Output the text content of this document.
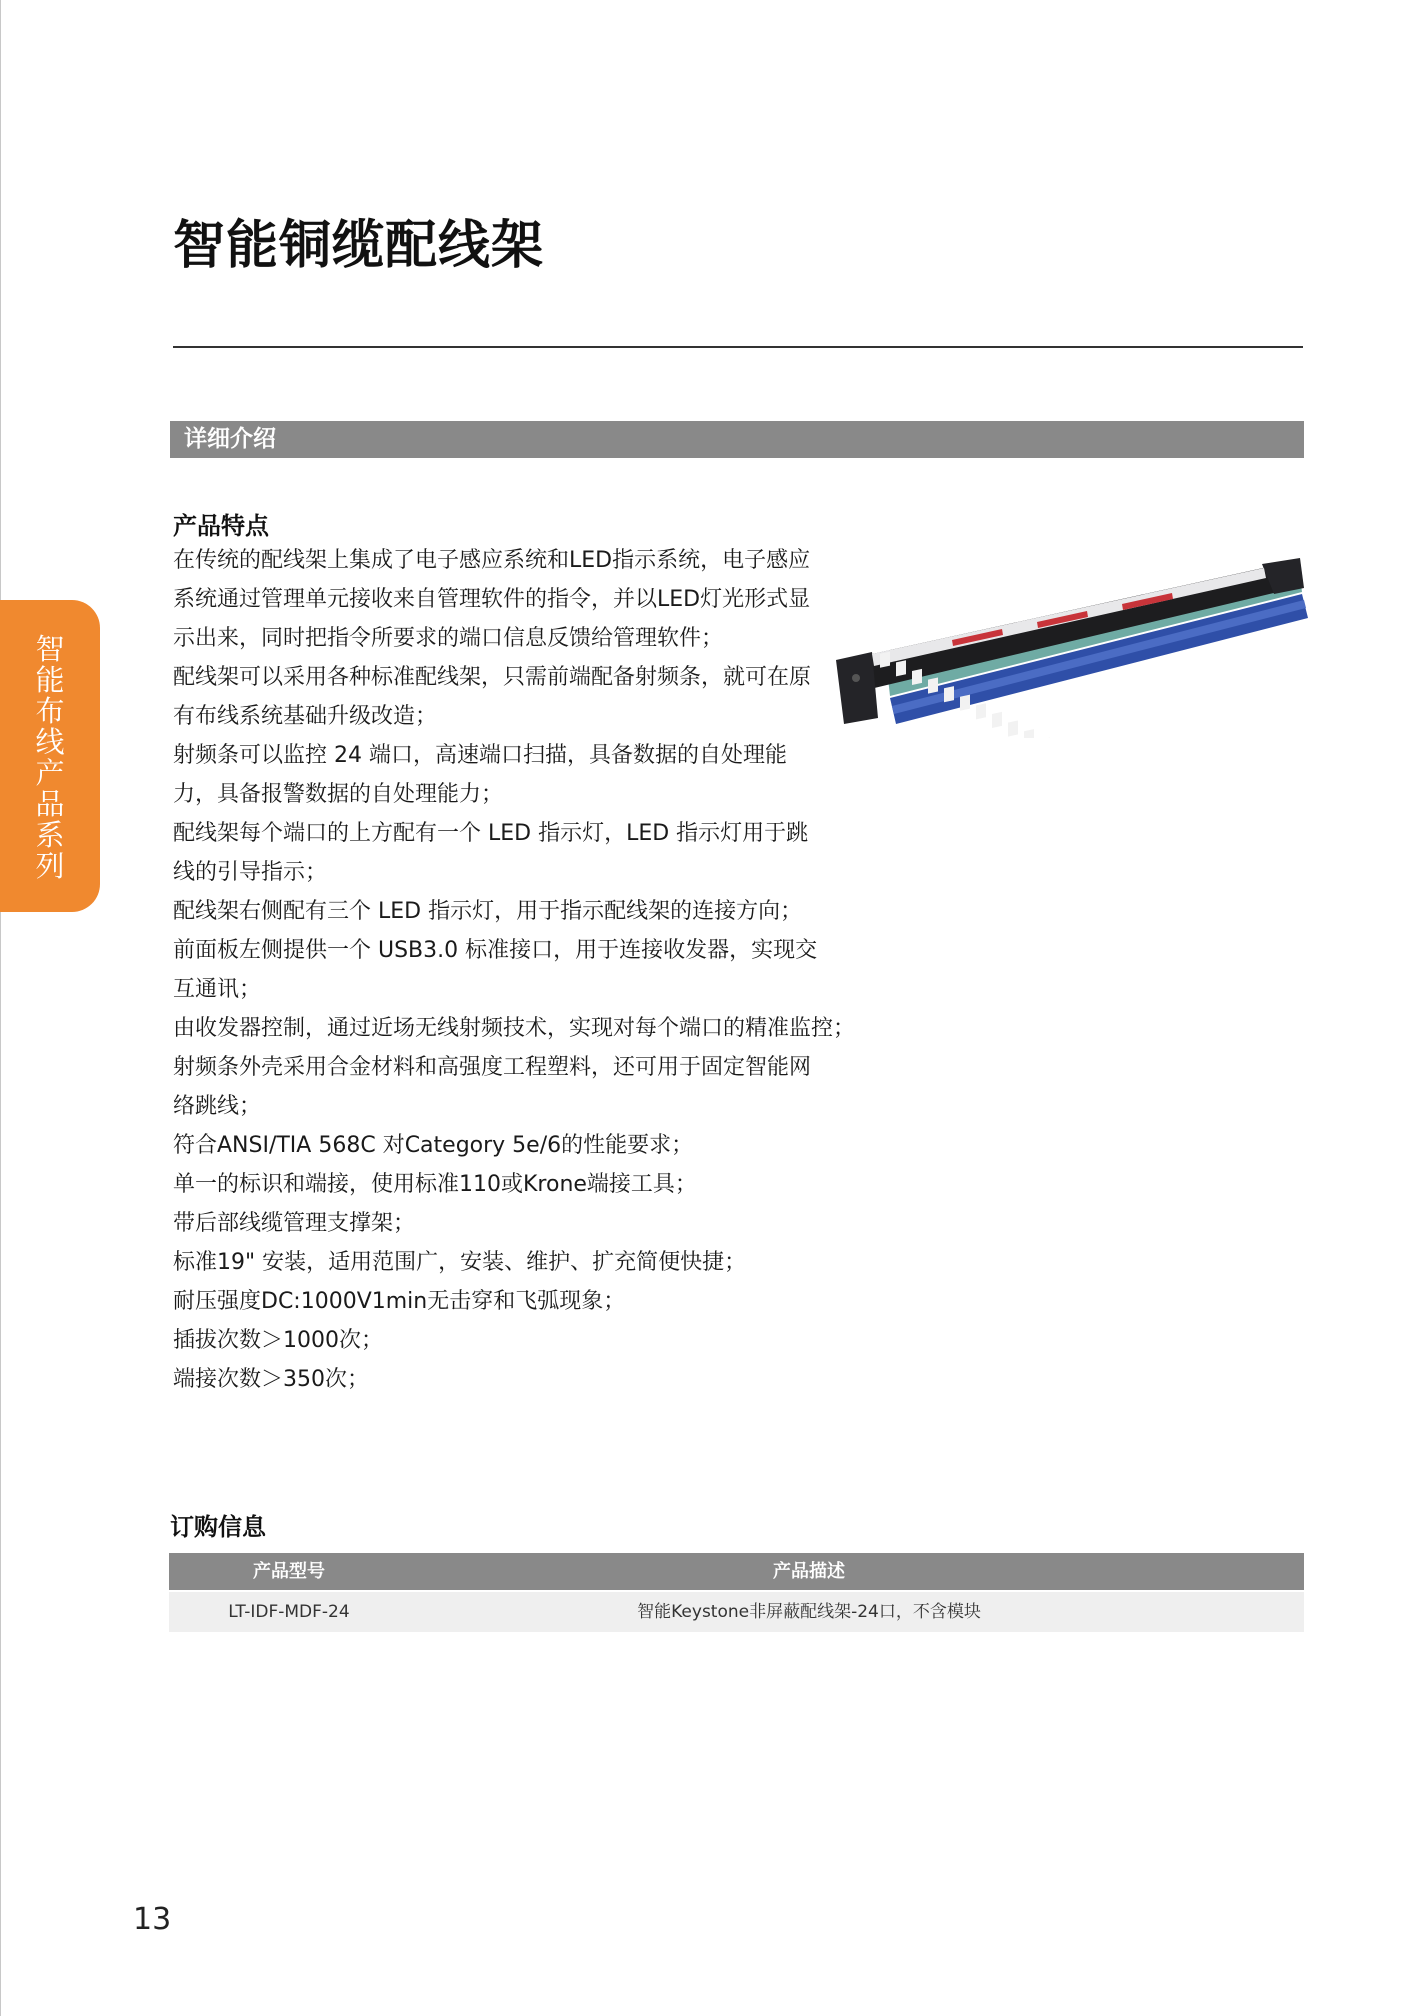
智能铜缆配线架
详细介绍
智能布线产品系列
产品特点
在传统的配线架上集成了电子感应系统和LED指示系统，电子感应
系统通过管理单元接收来自管理软件的指令，并以LED灯光形式显
示出来，同时把指令所要求的端口信息反馈给管理软件；
配线架可以采用各种标准配线架，只需前端配备射频条，就可在原
有布线系统基础升级改造；
射频条可以监控 24 端口，高速端口扫描，具备数据的自处理能
力，具备报警数据的自处理能力；
配线架每个端口的上方配有一个 LED 指示灯，LED 指示灯用于跳
线的引导指示；
配线架右侧配有三个 LED 指示灯，用于指示配线架的连接方向；
前面板左侧提供一个 USB3.0 标准接口，用于连接收发器，实现交
互通讯；
由收发器控制，通过近场无线射频技术，实现对每个端口的精准监控；
射频条外壳采用合金材料和高强度工程塑料，还可用于固定智能网
络跳线；
符合ANSI/TIA 568C 对Category 5e/6的性能要求；
单一的标识和端接，使用标准110或Krone端接工具；
带后部线缆管理支撑架；
标准19" 安装，适用范围广，安装、维护、扩充简便快捷；
耐压强度DC:1000V1min无击穿和飞弧现象；
插拔次数＞1000次；
端接次数＞350次；
订购信息
产品型号	产品描述
LT-IDF-MDF-24	智能Keystone非屏蔽配线架-24口，不含模块
13
